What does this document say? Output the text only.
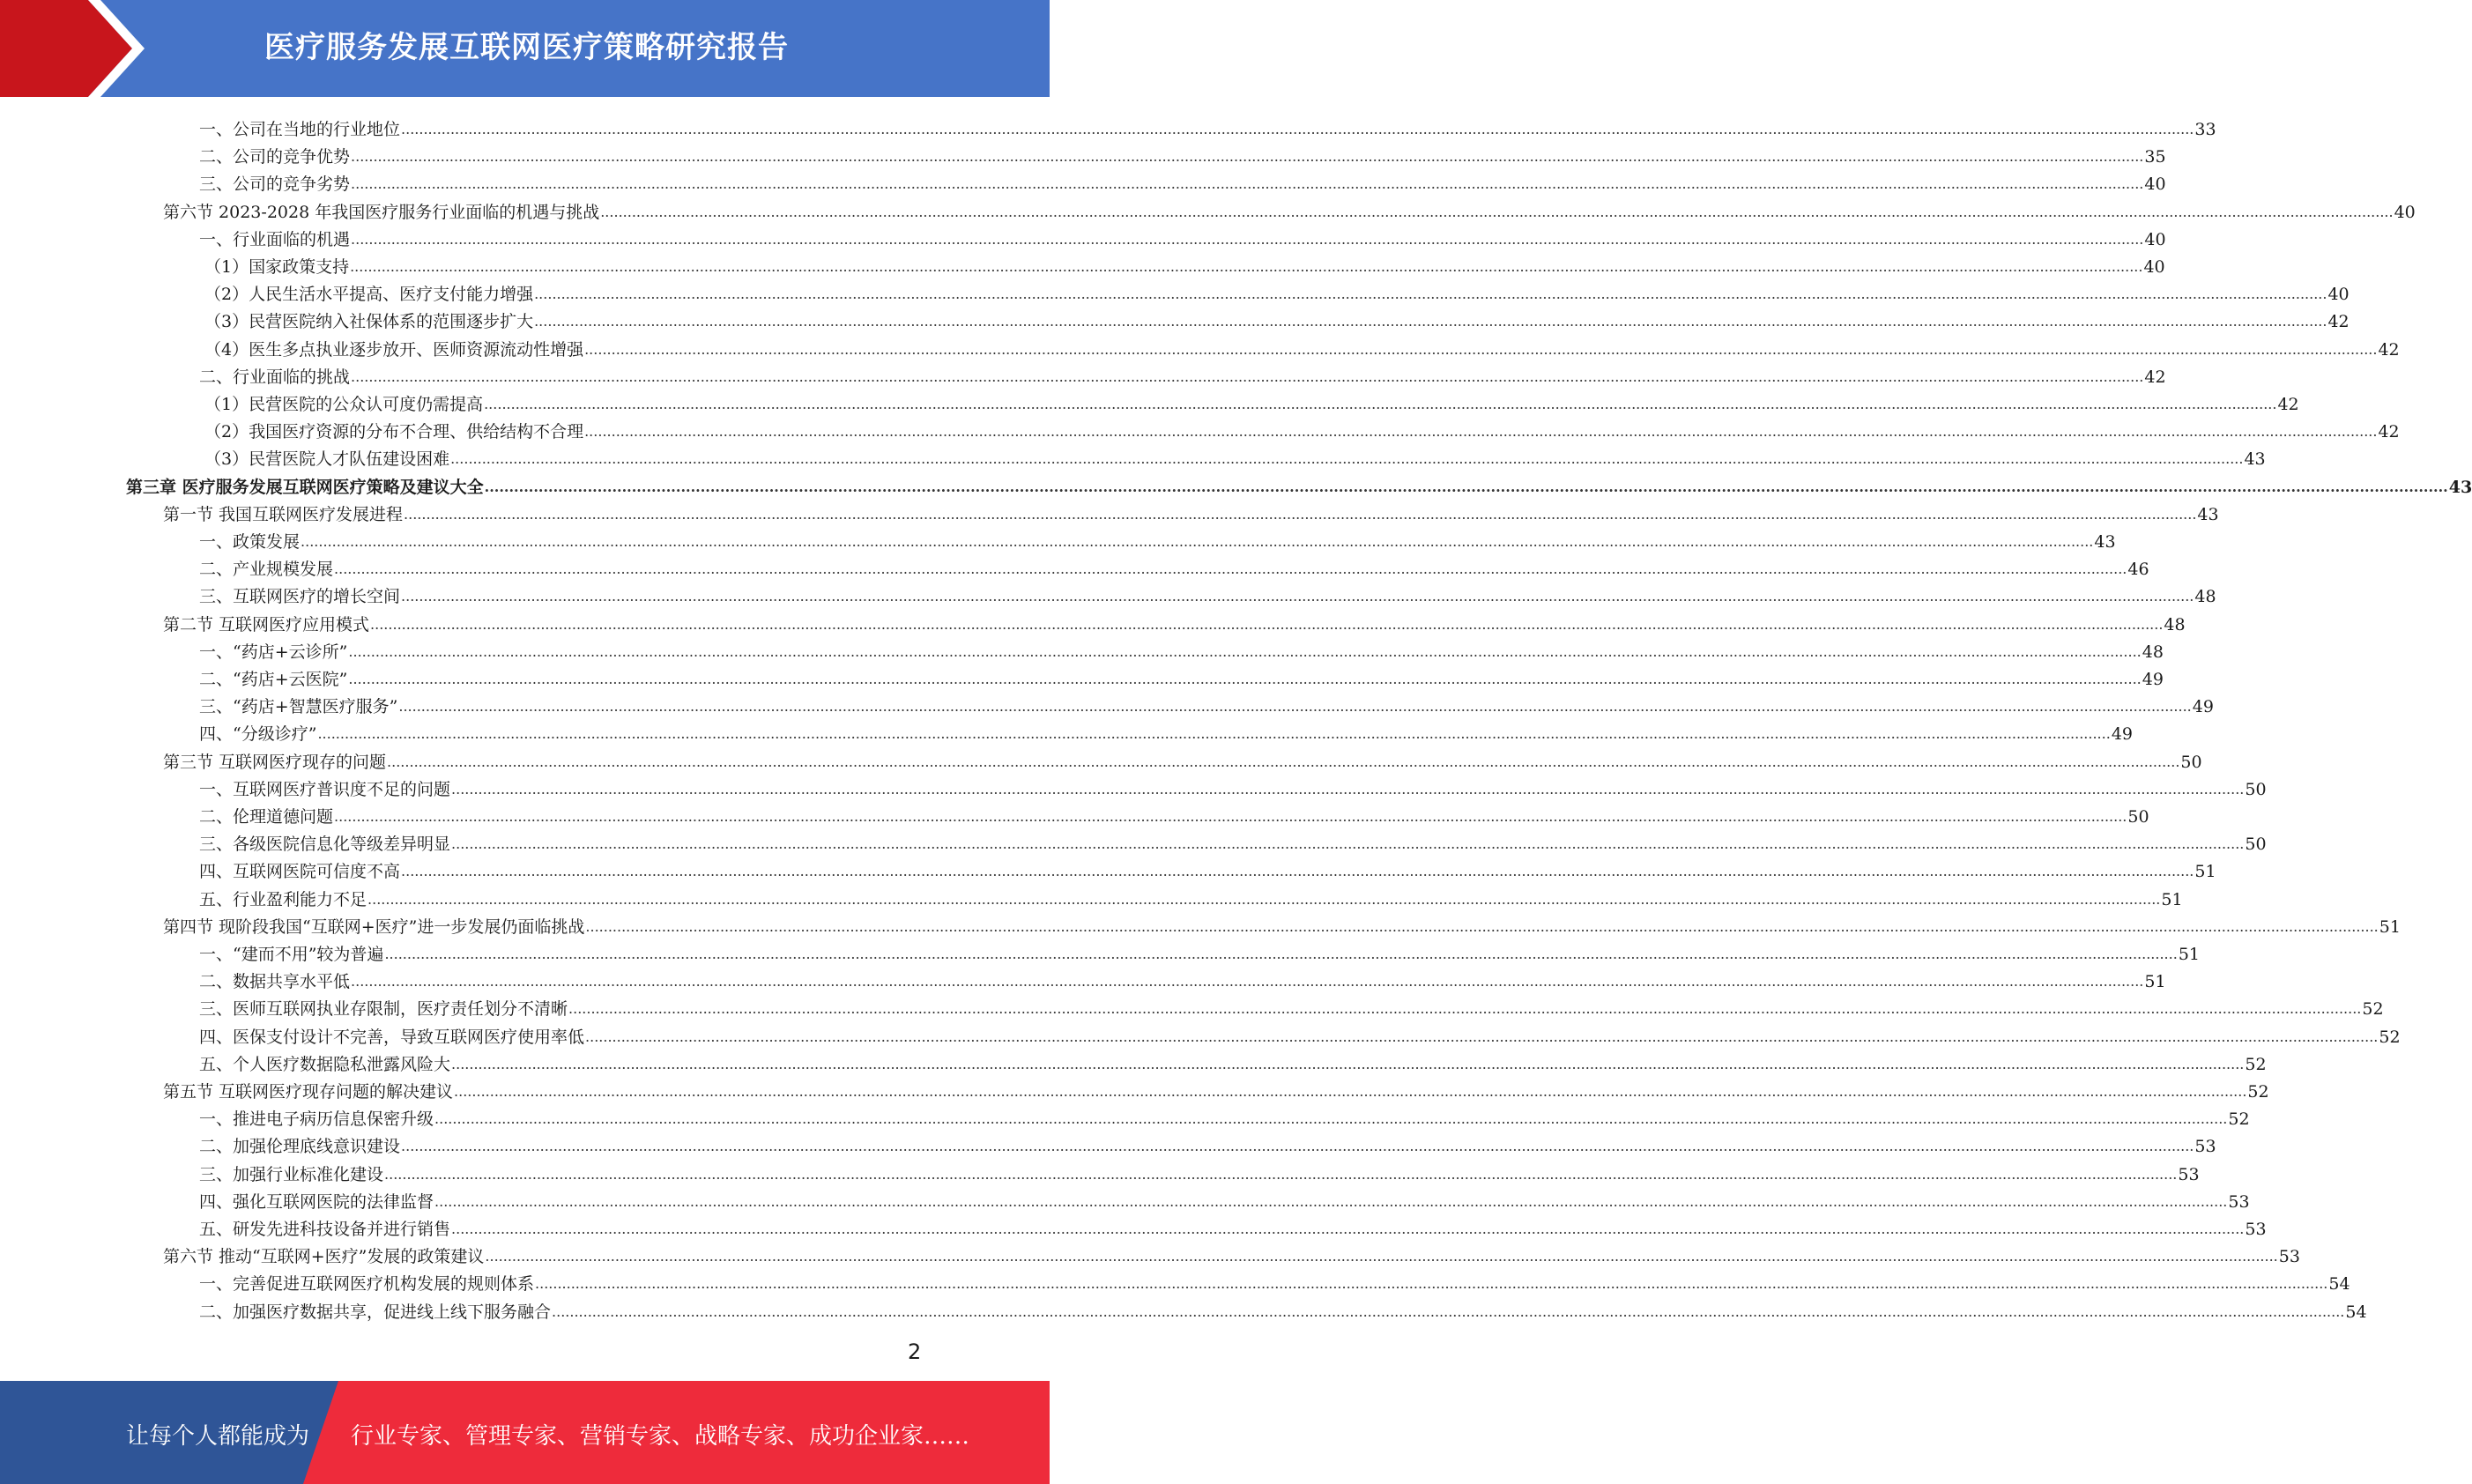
医疗服务发展互联网医疗策略研究报告
一、公司在当地的行业地位 ................................................................................................................................................................................................................................................................................................................................................................................................................ 33
二、公司的竞争优势 ................................................................................................................................................................................................................................................................................................................................................................................................................ 35
三、公司的竞争劣势 ................................................................................................................................................................................................................................................................................................................................................................................................................ 40
第六节 2023-2028 年我国医疗服务行业面临的机遇与挑战 ................................................................................................................................................................................................................................................................................................................................................................................................................ 40
一、行业面临的机遇 ................................................................................................................................................................................................................................................................................................................................................................................................................ 40
（1）国家政策支持 ................................................................................................................................................................................................................................................................................................................................................................................................................ 40
（2）人民生活水平提高、医疗支付能力增强 ................................................................................................................................................................................................................................................................................................................................................................................................................ 40
（3）民营医院纳入社保体系的范围逐步扩大 ................................................................................................................................................................................................................................................................................................................................................................................................................ 42
（4）医生多点执业逐步放开、医师资源流动性增强 ................................................................................................................................................................................................................................................................................................................................................................................................................ 42
二、行业面临的挑战 ................................................................................................................................................................................................................................................................................................................................................................................................................ 42
（1）民营医院的公众认可度仍需提高 ................................................................................................................................................................................................................................................................................................................................................................................................................ 42
（2）我国医疗资源的分布不合理、供给结构不合理 ................................................................................................................................................................................................................................................................................................................................................................................................................ 42
（3）民营医院人才队伍建设困难 ................................................................................................................................................................................................................................................................................................................................................................................................................ 43
第三章 医疗服务发展互联网医疗策略及建议大全 ................................................................................................................................................................................................................................................................................................................................................................................................................ 43
第一节 我国互联网医疗发展进程 ................................................................................................................................................................................................................................................................................................................................................................................................................ 43
一、政策发展 ................................................................................................................................................................................................................................................................................................................................................................................................................ 43
二、产业规模发展 ................................................................................................................................................................................................................................................................................................................................................................................................................ 46
三、互联网医疗的增长空间 ................................................................................................................................................................................................................................................................................................................................................................................................................ 48
第二节 互联网医疗应用模式 ................................................................................................................................................................................................................................................................................................................................................................................................................ 48
一、“药店+云诊所” ................................................................................................................................................................................................................................................................................................................................................................................................................ 48
二、“药店+云医院” ................................................................................................................................................................................................................................................................................................................................................................................................................ 49
三、“药店+智慧医疗服务” ................................................................................................................................................................................................................................................................................................................................................................................................................ 49
四、“分级诊疗” ................................................................................................................................................................................................................................................................................................................................................................................................................ 49
第三节 互联网医疗现存的问题 ................................................................................................................................................................................................................................................................................................................................................................................................................ 50
一、互联网医疗普识度不足的问题 ................................................................................................................................................................................................................................................................................................................................................................................................................ 50
二、伦理道德问题 ................................................................................................................................................................................................................................................................................................................................................................................................................ 50
三、各级医院信息化等级差异明显 ................................................................................................................................................................................................................................................................................................................................................................................................................ 50
四、互联网医院可信度不高 ................................................................................................................................................................................................................................................................................................................................................................................................................ 51
五、行业盈利能力不足 ................................................................................................................................................................................................................................................................................................................................................................................................................ 51
第四节 现阶段我国“互联网+医疗”进一步发展仍面临挑战 ................................................................................................................................................................................................................................................................................................................................................................................................................ 51
一、“建而不用”较为普遍 ................................................................................................................................................................................................................................................................................................................................................................................................................ 51
二、数据共享水平低 ................................................................................................................................................................................................................................................................................................................................................................................................................ 51
三、医师互联网执业存限制，医疗责任划分不清晰 ................................................................................................................................................................................................................................................................................................................................................................................................................ 52
四、医保支付设计不完善，导致互联网医疗使用率低 ................................................................................................................................................................................................................................................................................................................................................................................................................ 52
五、个人医疗数据隐私泄露风险大 ................................................................................................................................................................................................................................................................................................................................................................................................................ 52
第五节 互联网医疗现存问题的解决建议 ................................................................................................................................................................................................................................................................................................................................................................................................................ 52
一、推进电子病历信息保密升级 ................................................................................................................................................................................................................................................................................................................................................................................................................ 52
二、加强伦理底线意识建设 ................................................................................................................................................................................................................................................................................................................................................................................................................ 53
三、加强行业标准化建设 ................................................................................................................................................................................................................................................................................................................................................................................................................ 53
四、强化互联网医院的法律监督 ................................................................................................................................................................................................................................................................................................................................................................................................................ 53
五、研发先进科技设备并进行销售 ................................................................................................................................................................................................................................................................................................................................................................................................................ 53
第六节 推动“互联网+医疗”发展的政策建议 ................................................................................................................................................................................................................................................................................................................................................................................................................ 53
一、完善促进互联网医疗机构发展的规则体系 ................................................................................................................................................................................................................................................................................................................................................................................................................ 54
二、加强医疗数据共享，促进线上线下服务融合 ................................................................................................................................................................................................................................................................................................................................................................................................................ 54
2
让每个人都能成为 行业专家、管理专家、营销专家、战略专家、成功企业家……
